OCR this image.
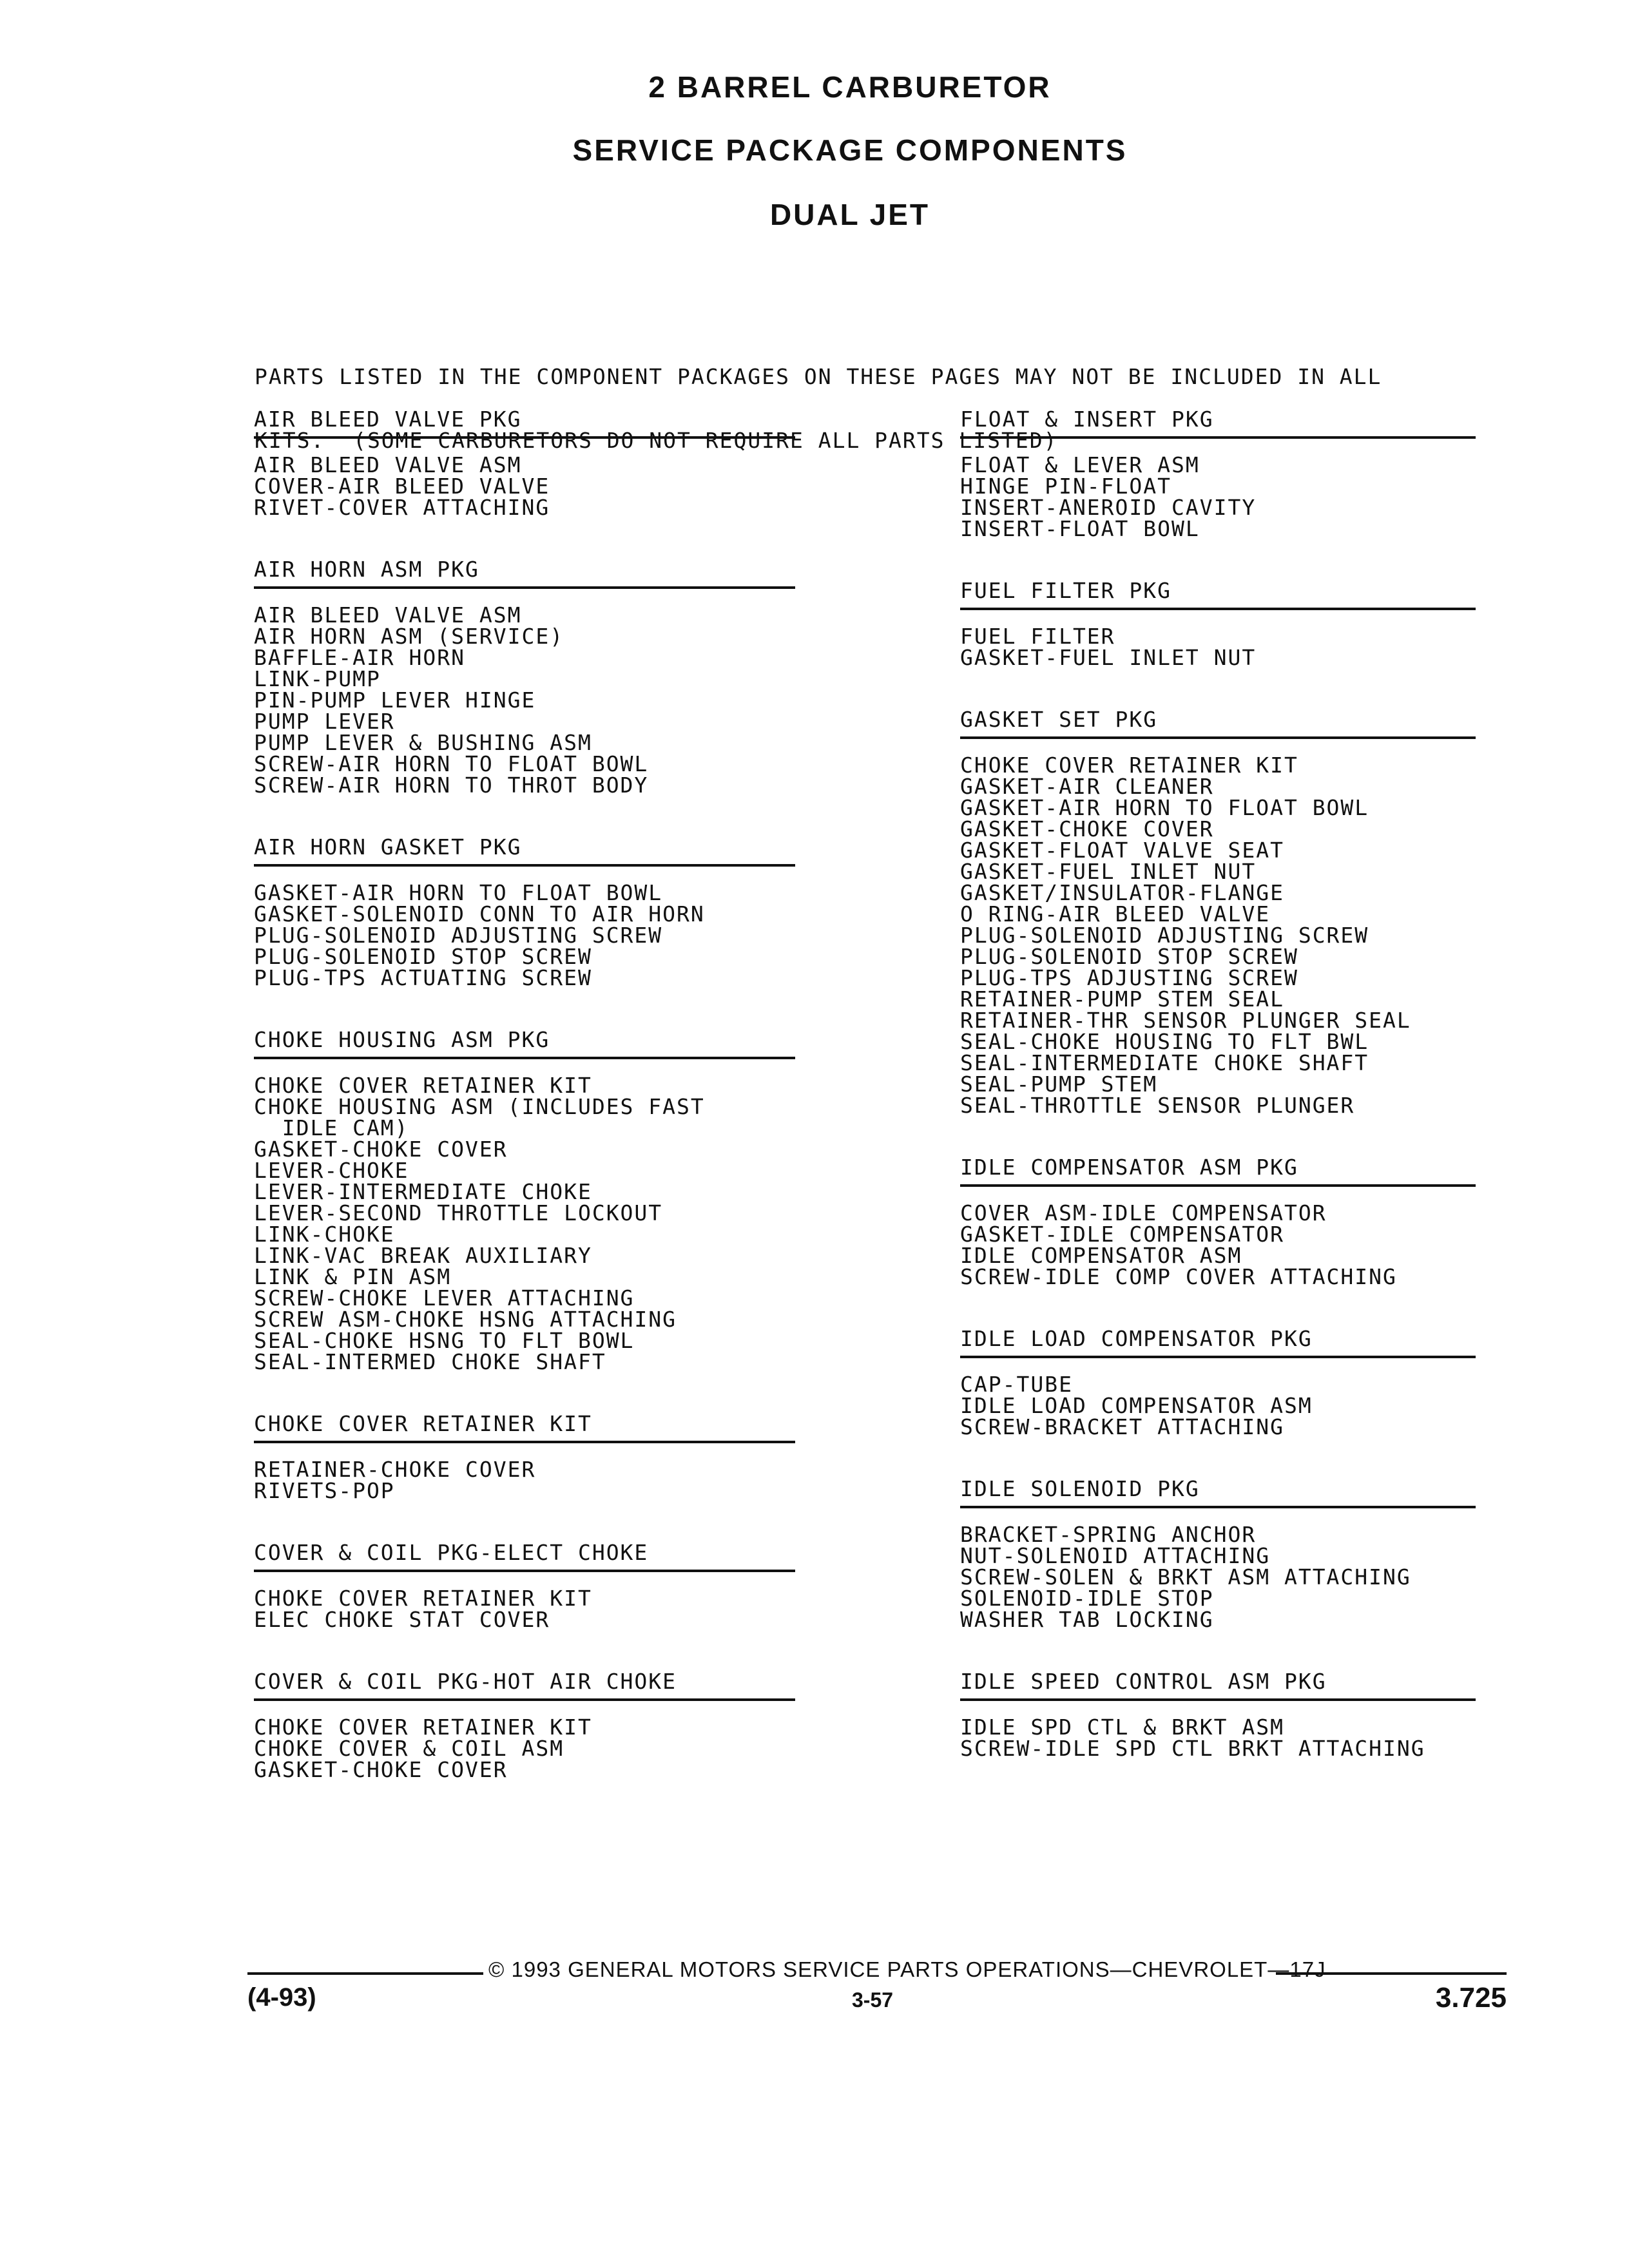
2 BARREL CARBURETOR
SERVICE PACKAGE COMPONENTS
DUAL JET

PARTS LISTED IN THE COMPONENT PACKAGES ON THESE PAGES MAY NOT BE INCLUDED IN ALL

KITS.  (SOME CARBURETORS DO NOT REQUIRE ALL PARTS LISTED)

AIR BLEED VALVE PKG
AIR BLEED VALVE ASM
COVER-AIR BLEED VALVE
RIVET-COVER ATTACHING
AIR HORN ASM PKG
AIR BLEED VALVE ASM
AIR HORN ASM (SERVICE)
BAFFLE-AIR HORN
LINK-PUMP
PIN-PUMP LEVER HINGE
PUMP LEVER
PUMP LEVER & BUSHING ASM
SCREW-AIR HORN TO FLOAT BOWL
SCREW-AIR HORN TO THROT BODY
AIR HORN GASKET PKG
GASKET-AIR HORN TO FLOAT BOWL
GASKET-SOLENOID CONN TO AIR HORN
PLUG-SOLENOID ADJUSTING SCREW
PLUG-SOLENOID STOP SCREW
PLUG-TPS ACTUATING SCREW
CHOKE HOUSING ASM PKG
CHOKE COVER RETAINER KIT
CHOKE HOUSING ASM (INCLUDES FAST
IDLE CAM)
GASKET-CHOKE COVER
LEVER-CHOKE
LEVER-INTERMEDIATE CHOKE
LEVER-SECOND THROTTLE LOCKOUT
LINK-CHOKE
LINK-VAC BREAK AUXILIARY
LINK & PIN ASM
SCREW-CHOKE LEVER ATTACHING
SCREW ASM-CHOKE HSNG ATTACHING
SEAL-CHOKE HSNG TO FLT BOWL
SEAL-INTERMED CHOKE SHAFT
CHOKE COVER RETAINER KIT
RETAINER-CHOKE COVER
RIVETS-POP
COVER & COIL PKG-ELECT CHOKE
CHOKE COVER RETAINER KIT
ELEC CHOKE STAT COVER
COVER & COIL PKG-HOT AIR CHOKE
CHOKE COVER RETAINER KIT
CHOKE COVER & COIL ASM
GASKET-CHOKE COVER
FLOAT & INSERT PKG
FLOAT & LEVER ASM
HINGE PIN-FLOAT
INSERT-ANEROID CAVITY
INSERT-FLOAT BOWL
FUEL FILTER PKG
FUEL FILTER
GASKET-FUEL INLET NUT
GASKET SET PKG
CHOKE COVER RETAINER KIT
GASKET-AIR CLEANER
GASKET-AIR HORN TO FLOAT BOWL
GASKET-CHOKE COVER
GASKET-FLOAT VALVE SEAT
GASKET-FUEL INLET NUT
GASKET/INSULATOR-FLANGE
O RING-AIR BLEED VALVE
PLUG-SOLENOID ADJUSTING SCREW
PLUG-SOLENOID STOP SCREW
PLUG-TPS ADJUSTING SCREW
RETAINER-PUMP STEM SEAL
RETAINER-THR SENSOR PLUNGER SEAL
SEAL-CHOKE HOUSING TO FLT BWL
SEAL-INTERMEDIATE CHOKE SHAFT
SEAL-PUMP STEM
SEAL-THROTTLE SENSOR PLUNGER
IDLE COMPENSATOR ASM PKG
COVER ASM-IDLE COMPENSATOR
GASKET-IDLE COMPENSATOR
IDLE COMPENSATOR ASM
SCREW-IDLE COMP COVER ATTACHING
IDLE LOAD COMPENSATOR PKG
CAP-TUBE
IDLE LOAD COMPENSATOR ASM
SCREW-BRACKET ATTACHING
IDLE SOLENOID PKG
BRACKET-SPRING ANCHOR
NUT-SOLENOID ATTACHING
SCREW-SOLEN & BRKT ASM ATTACHING
SOLENOID-IDLE STOP
WASHER TAB LOCKING
IDLE SPEED CONTROL ASM PKG
IDLE SPD CTL & BRKT ASM
SCREW-IDLE SPD CTL BRKT ATTACHING
© 1993 GENERAL MOTORS SERVICE PARTS OPERATIONS—CHEVROLET—17J
(4-93)	3-57	3.725
